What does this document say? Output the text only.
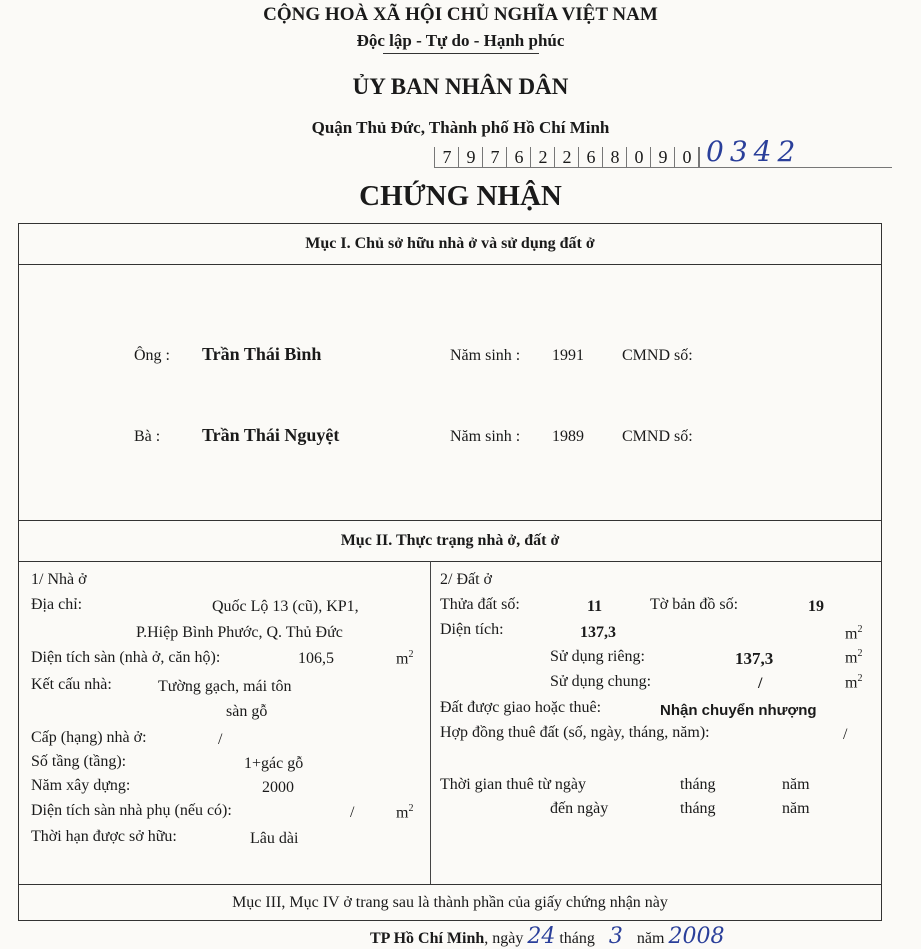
CỘNG HOÀ XÃ HỘI CHỦ NGHĨA VIỆT NAM
Độc lập - Tự do - Hạnh phúc
ỦY BAN NHÂN DÂN
Quận Thủ Đức, Thành phố Hồ Chí Minh
7 9 7 6 2 2 6 8 0 9 0 0342
CHỨNG NHẬN
Mục I. Chủ sở hữu nhà ở và sử dụng đất ở
Ông : Trần Thái Bình	Năm sinh : 1991 CMND số:
Bà : Trần Thái Nguyệt	Năm sinh : 1989 CMND số:
Mục II. Thực trạng nhà ở, đất ở
1/ Nhà ở
Địa chỉ:	Quốc Lộ 13 (cũ), KP1,
P.Hiệp Bình Phước, Q. Thủ Đức
Diện tích sàn (nhà ở, căn hộ):	106,5	$m^2$
Kết cấu nhà:	Tường gạch, mái tôn
sàn gỗ
Cấp (hạng) nhà ở:	/
Số tầng (tầng):	1+gác gỗ
Năm xây dựng:	2000
Diện tích sàn nhà phụ (nếu có):	/	$m^2$
Thời hạn được sở hữu:	Lâu dài
2/ Đất ở
Thửa đất số:	11	Tờ bản đồ số:	19
Diện tích:	137,3	$m^2$
Sử dụng riêng:	137,3	$m^2$
Sử dụng chung:	/	$m^2$
Đất được giao hoặc thuê:	Nhận chuyển nhượng
Hợp đồng thuê đất (số, ngày, tháng, năm):	/
Thời gian thuê từ ngày	tháng	năm
đến ngày	tháng	năm
Mục III, Mục IV ở trang sau là thành phần của giấy chứng nhận này
TP Hồ Chí Minh, ngày 24 tháng 3 năm 2008
